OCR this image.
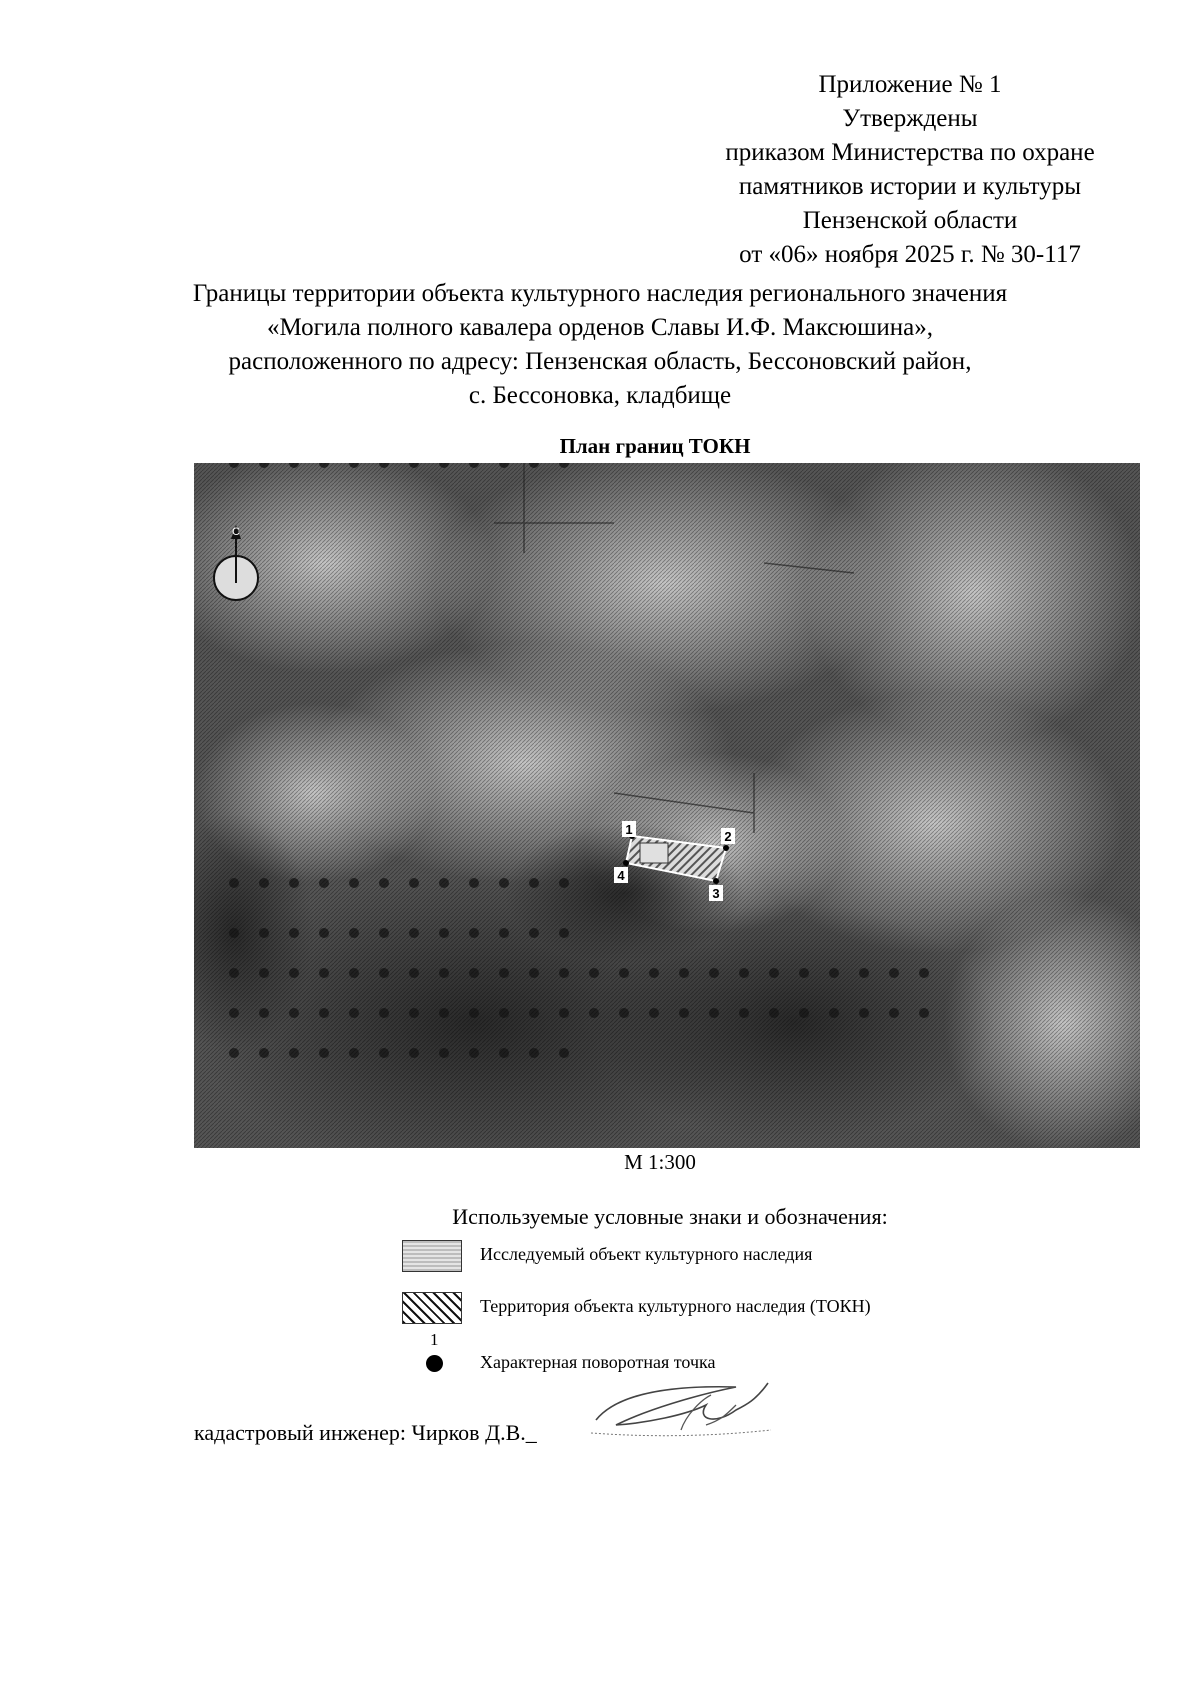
Приложение № 1
Утверждены
приказом Министерства по охране
памятников истории и культуры
Пензенской области
от «06» ноября 2025 г. № 30-117
Границы территории объекта культурного наследия регионального значения
«Могила полного кавалера орденов Славы И.Ф. Максюшина»,
расположенного по адресу: Пензенская область, Бессоновский район,
с. Бессоновка, кладбище
План границ ТОКН
С
1	2
3
4
М 1:300
Используемые условные знаки и обозначения:
Исследуемый объект культурного наследия
Территория объекта культурного наследия (ТОКН)
1
Характерная поворотная точка
кадастровый инженер: Чирков Д.В._
